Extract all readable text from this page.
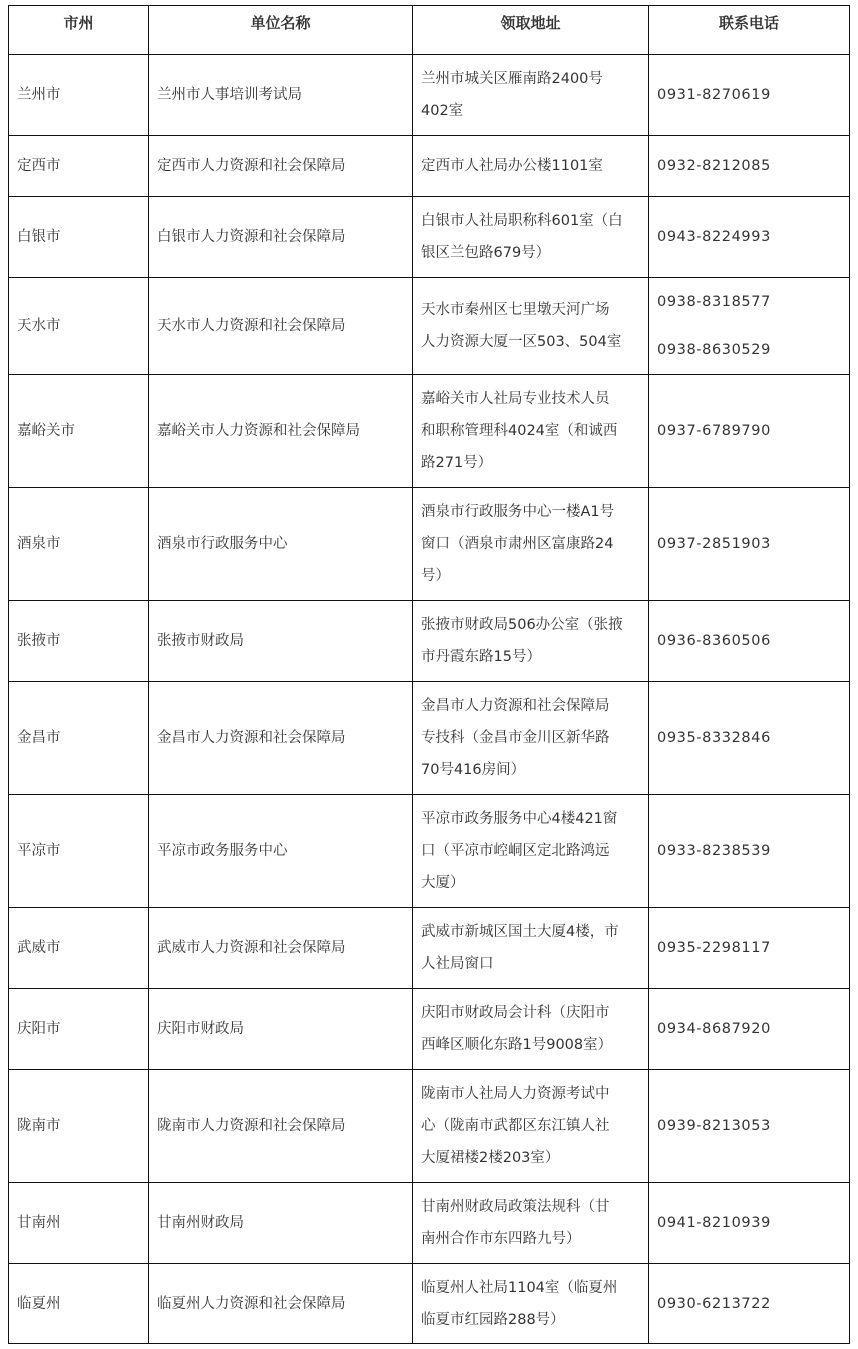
市州	单位名称	领取地址	联系电话
兰州市	兰州市人事培训考试局	兰州市城关区雁南路2400号
402室	0931-8270619

定西市	定西市人力资源和社会保障局	定西市人社局办公楼1101室	0932-8212085

白银市	白银市人力资源和社会保障局	白银市人社局职称科601室（白
银区兰包路679号）	0943-8224993

天水市	天水市人力资源和社会保障局	天水市秦州区七里墩天河广场
人力资源大厦一区503、504室	0938-8318577
0938-8630529

嘉峪关市	嘉峪关市人力资源和社会保障局	嘉峪关市人社局专业技术人员
和职称管理科4024室（和诚西
路271号）	0937-6789790

酒泉市	酒泉市行政服务中心	酒泉市行政服务中心一楼A1号
窗口（酒泉市肃州区富康路24
号）	0937-2851903

张掖市	张掖市财政局	张掖市财政局506办公室（张掖
市丹霞东路15号）	0936-8360506

金昌市	金昌市人力资源和社会保障局	金昌市人力资源和社会保障局
专技科（金昌市金川区新华路
70号416房间）	0935-8332846

平凉市	平凉市政务服务中心	平凉市政务服务中心4楼421窗
口（平凉市崆峒区定北路鸿远
大厦）	0933-8238539

武威市	武威市人力资源和社会保障局	武威市新城区国土大厦4楼，市
人社局窗口	0935-2298117

庆阳市	庆阳市财政局	庆阳市财政局会计科（庆阳市
西峰区顺化东路1号9008室）	0934-8687920

陇南市	陇南市人力资源和社会保障局	陇南市人社局人力资源考试中
心（陇南市武都区东江镇人社
大厦裙楼2楼203室）	0939-8213053

甘南州	甘南州财政局	甘南州财政局政策法规科（甘
南州合作市东四路九号）	0941-8210939

临夏州	临夏州人力资源和社会保障局	临夏州人社局1104室（临夏州
临夏市红园路288号）	0930-6213722
